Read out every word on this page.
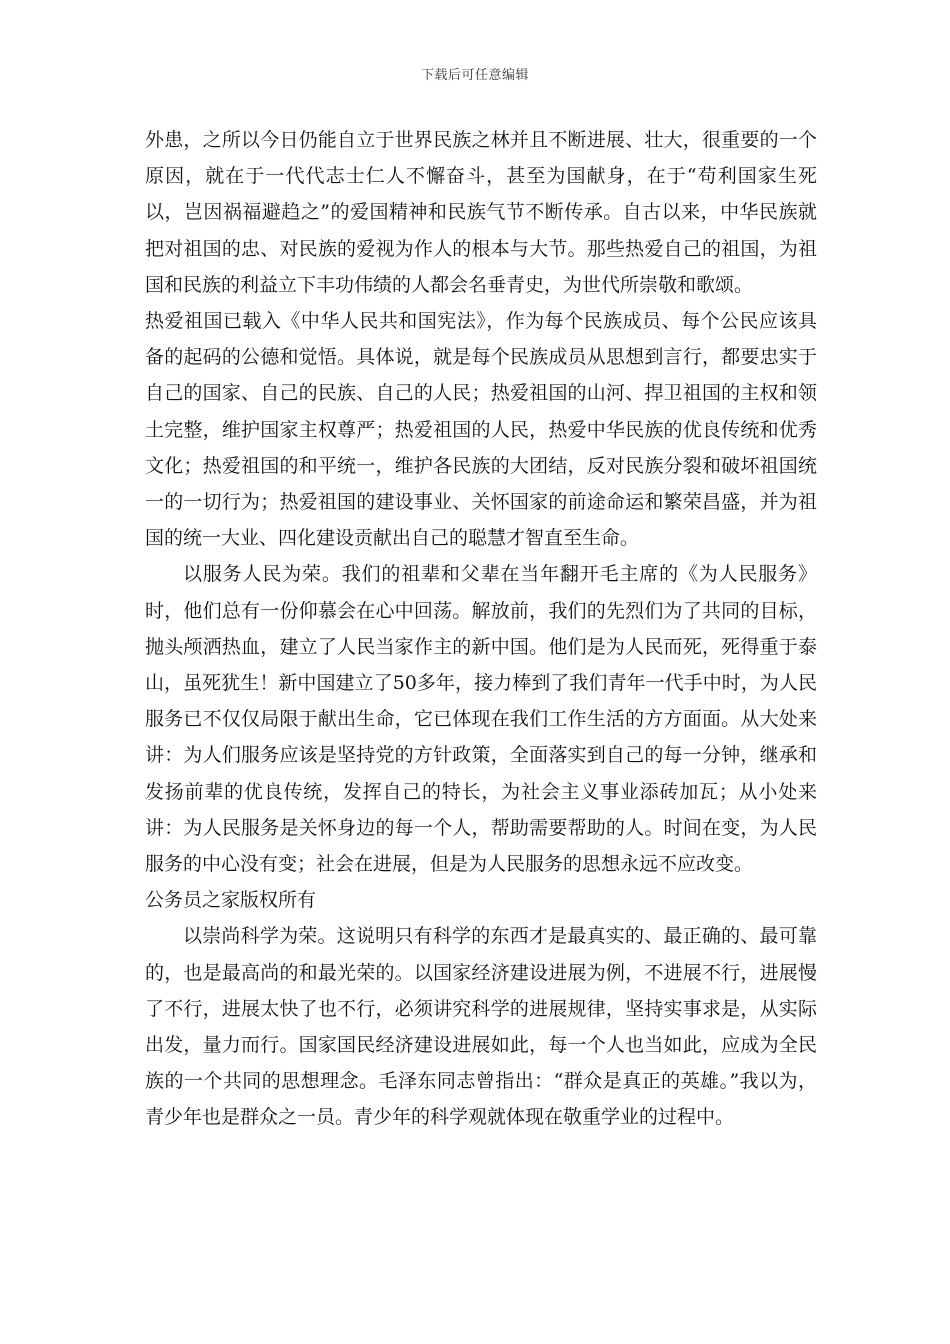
下载后可任意编辑

外患，之所以今日仍能自立于世界民族之林并且不断进展、壮大，很重要的一个原因，就在于一代代志士仁人不懈奋斗，甚至为国献身，在于“苟利国家生死以，岂因祸福避趋之”的爱国精神和民族气节不断传承。自古以来，中华民族就把对祖国的忠、对民族的爱视为作人的根本与大节。那些热爱自己的祖国，为祖国和民族的利益立下丰功伟绩的人都会名垂青史，为世代所崇敬和歌颂。

热爱祖国已载入《中华人民共和国宪法》，作为每个民族成员、每个公民应该具备的起码的公德和觉悟。具体说，就是每个民族成员从思想到言行，都要忠实于自己的国家、自己的民族、自己的人民；热爱祖国的山河、捍卫祖国的主权和领土完整，维护国家主权尊严；热爱祖国的人民，热爱中华民族的优良传统和优秀文化；热爱祖国的和平统一，维护各民族的大团结，反对民族分裂和破坏祖国统一的一切行为；热爱祖国的建设事业、关怀国家的前途命运和繁荣昌盛，并为祖国的统一大业、四化建设贡献出自己的聪慧才智直至生命。

以服务人民为荣。我们的祖辈和父辈在当年翻开毛主席的《为人民服务》时，他们总有一份仰慕会在心中回荡。解放前，我们的先烈们为了共同的目标，抛头颅洒热血，建立了人民当家作主的新中国。他们是为人民而死，死得重于泰山，虽死犹生！新中国建立了50多年，接力棒到了我们青年一代手中时，为人民服务已不仅仅局限于献出生命，它已体现在我们工作生活的方方面面。从大处来讲：为人们服务应该是坚持党的方针政策，全面落实到自己的每一分钟，继承和发扬前辈的优良传统，发挥自己的特长，为社会主义事业添砖加瓦；从小处来讲：为人民服务是关怀身边的每一个人，帮助需要帮助的人。时间在变，为人民服务的中心没有变；社会在进展，但是为人民服务的思想永远不应改变。

公务员之家版权所有

以崇尚科学为荣。这说明只有科学的东西才是最真实的、最正确的、最可靠的，也是最高尚的和最光荣的。以国家经济建设进展为例，不进展不行，进展慢了不行，进展太快了也不行，必须讲究科学的进展规律，坚持实事求是，从实际出发，量力而行。国家国民经济建设进展如此，每一个人也当如此，应成为全民族的一个共同的思想理念。毛泽东同志曾指出：“群众是真正的英雄。”我以为，青少年也是群众之一员。青少年的科学观就体现在敬重学业的过程中。
